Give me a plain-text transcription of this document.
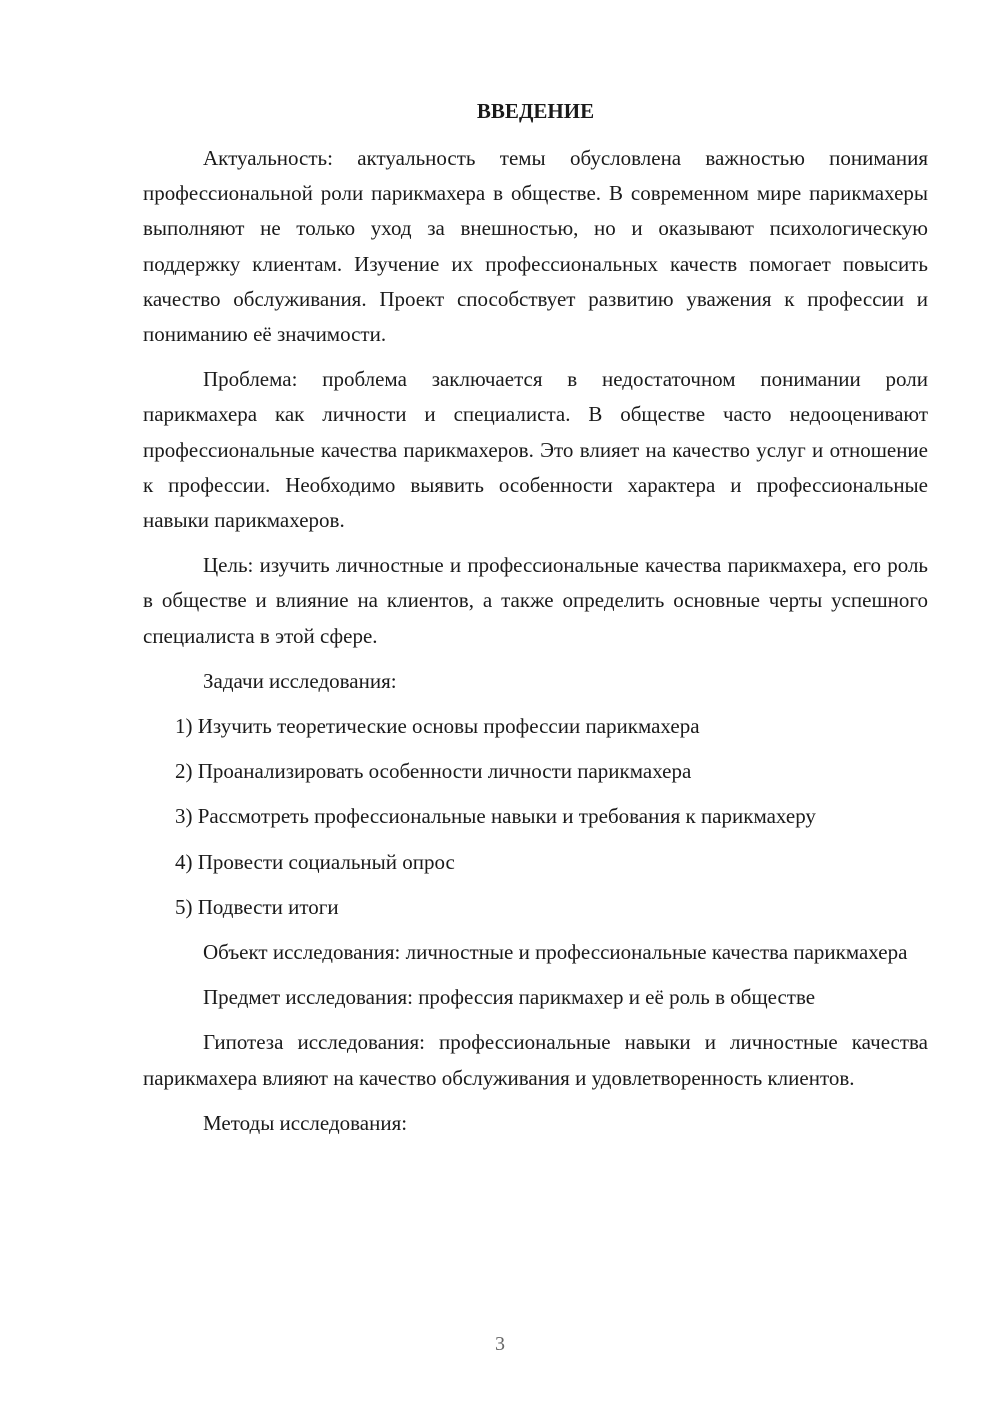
ВВЕДЕНИЕ

Актуальность: актуальность темы обусловлена важностью понимания профессиональной роли парикмахера в обществе. В современном мире парикмахеры выполняют не только уход за внешностью, но и оказывают психологическую поддержку клиентам. Изучение их профессиональных качеств помогает повысить качество обслуживания. Проект способствует развитию уважения к профессии и пониманию её значимости.

Проблема: проблема заключается в недостаточном понимании роли парикмахера как личности и специалиста. В обществе часто недооценивают профессиональные качества парикмахеров. Это влияет на качество услуг и отношение к профессии. Необходимо выявить особенности характера и профессиональные навыки парикмахеров.

Цель: изучить личностные и профессиональные качества парикмахера, его роль в обществе и влияние на клиентов, а также определить основные черты успешного специалиста в этой сфере.

Задачи исследования:

1) Изучить теоретические основы профессии парикмахера

2) Проанализировать особенности личности парикмахера

3) Рассмотреть профессиональные навыки и требования к парикмахеру

4) Провести социальный опрос

5) Подвести итоги

Объект исследования: личностные и профессиональные качества парикмахера

Предмет исследования: профессия парикмахер и её роль в обществе

Гипотеза исследования: профессиональные навыки и личностные качества парикмахера влияют на качество обслуживания и удовлетворенность клиентов.

Методы исследования:

3
